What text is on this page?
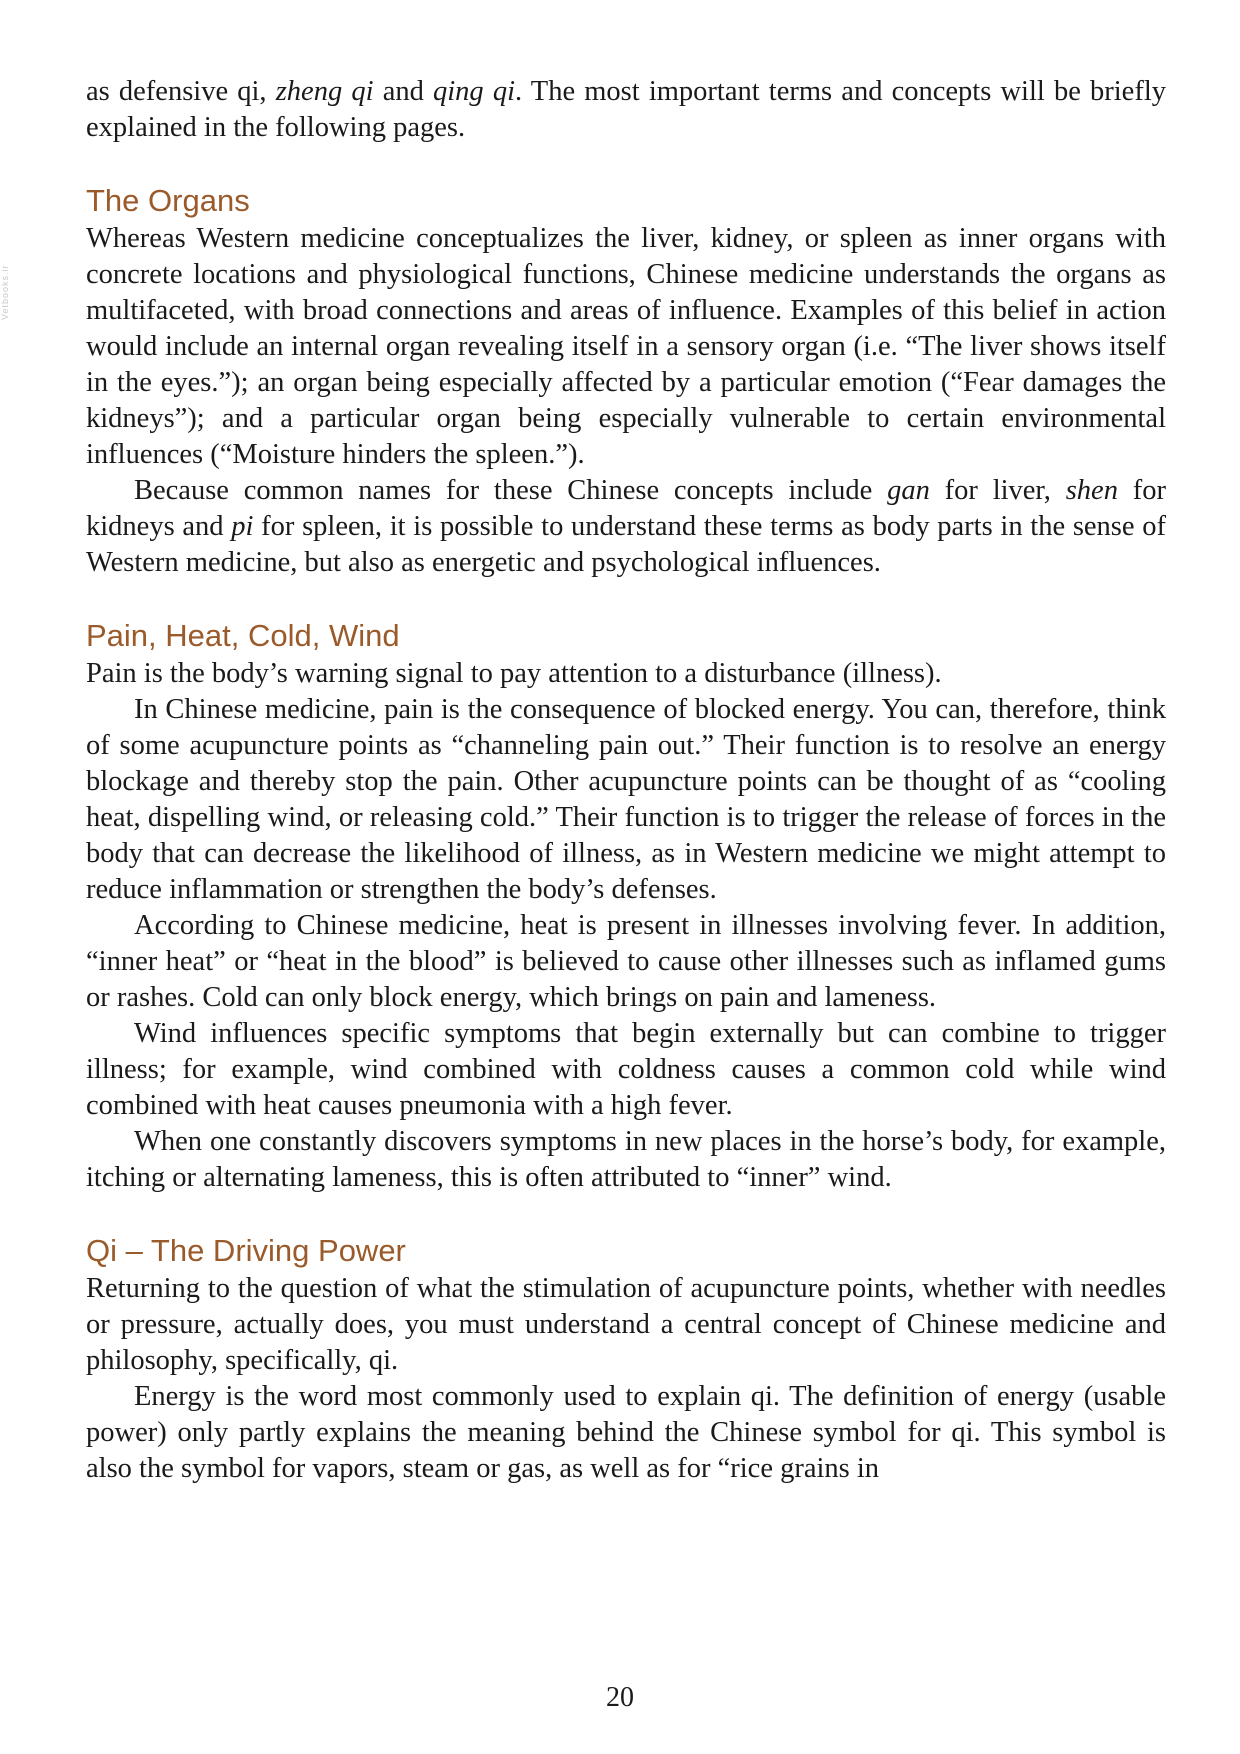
Vetbooks.ir

as defensive qi, zheng qi and qing qi. The most important terms and concepts will be briefly explained in the following pages.

The Organs

Whereas Western medicine conceptualizes the liver, kidney, or spleen as inner organs with concrete locations and physiological functions, Chinese medicine understands the organs as multifaceted, with broad connections and areas of influence. Examples of this belief in action would include an internal organ revealing itself in a sensory organ (i.e. “The liver shows itself in the eyes.”); an organ being especially affected by a particular emotion (“Fear damages the kidneys”); and a particular organ being especially vulnerable to certain environmental influences (“Moisture hinders the spleen.”).

Because common names for these Chinese concepts include gan for liver, shen for kidneys and pi for spleen, it is possible to understand these terms as body parts in the sense of Western medicine, but also as energetic and psychological influences.

Pain, Heat, Cold, Wind

Pain is the body’s warning signal to pay attention to a disturbance (illness).

In Chinese medicine, pain is the consequence of blocked energy. You can, therefore, think of some acupuncture points as “channeling pain out.” Their function is to resolve an energy blockage and thereby stop the pain. Other acupuncture points can be thought of as “cooling heat, dispelling wind, or releasing cold.” Their function is to trigger the release of forces in the body that can decrease the likelihood of illness, as in Western medicine we might attempt to reduce inflammation or strengthen the body’s defenses.

According to Chinese medicine, heat is present in illnesses involving fever. In addition, “inner heat” or “heat in the blood” is believed to cause other illnesses such as inflamed gums or rashes. Cold can only block energy, which brings on pain and lameness.

Wind influences specific symptoms that begin externally but can combine to trigger illness; for example, wind combined with coldness causes a common cold while wind combined with heat causes pneumonia with a high fever.

When one constantly discovers symptoms in new places in the horse’s body, for example, itching or alternating lameness, this is often attributed to “inner” wind.

Qi – The Driving Power

Returning to the question of what the stimulation of acupuncture points, whether with needles or pressure, actually does, you must understand a central concept of Chinese medicine and philosophy, specifically, qi.

Energy is the word most commonly used to explain qi. The definition of energy (usable power) only partly explains the meaning behind the Chinese symbol for qi. This symbol is also the symbol for vapors, steam or gas, as well as for “rice grains in

20
